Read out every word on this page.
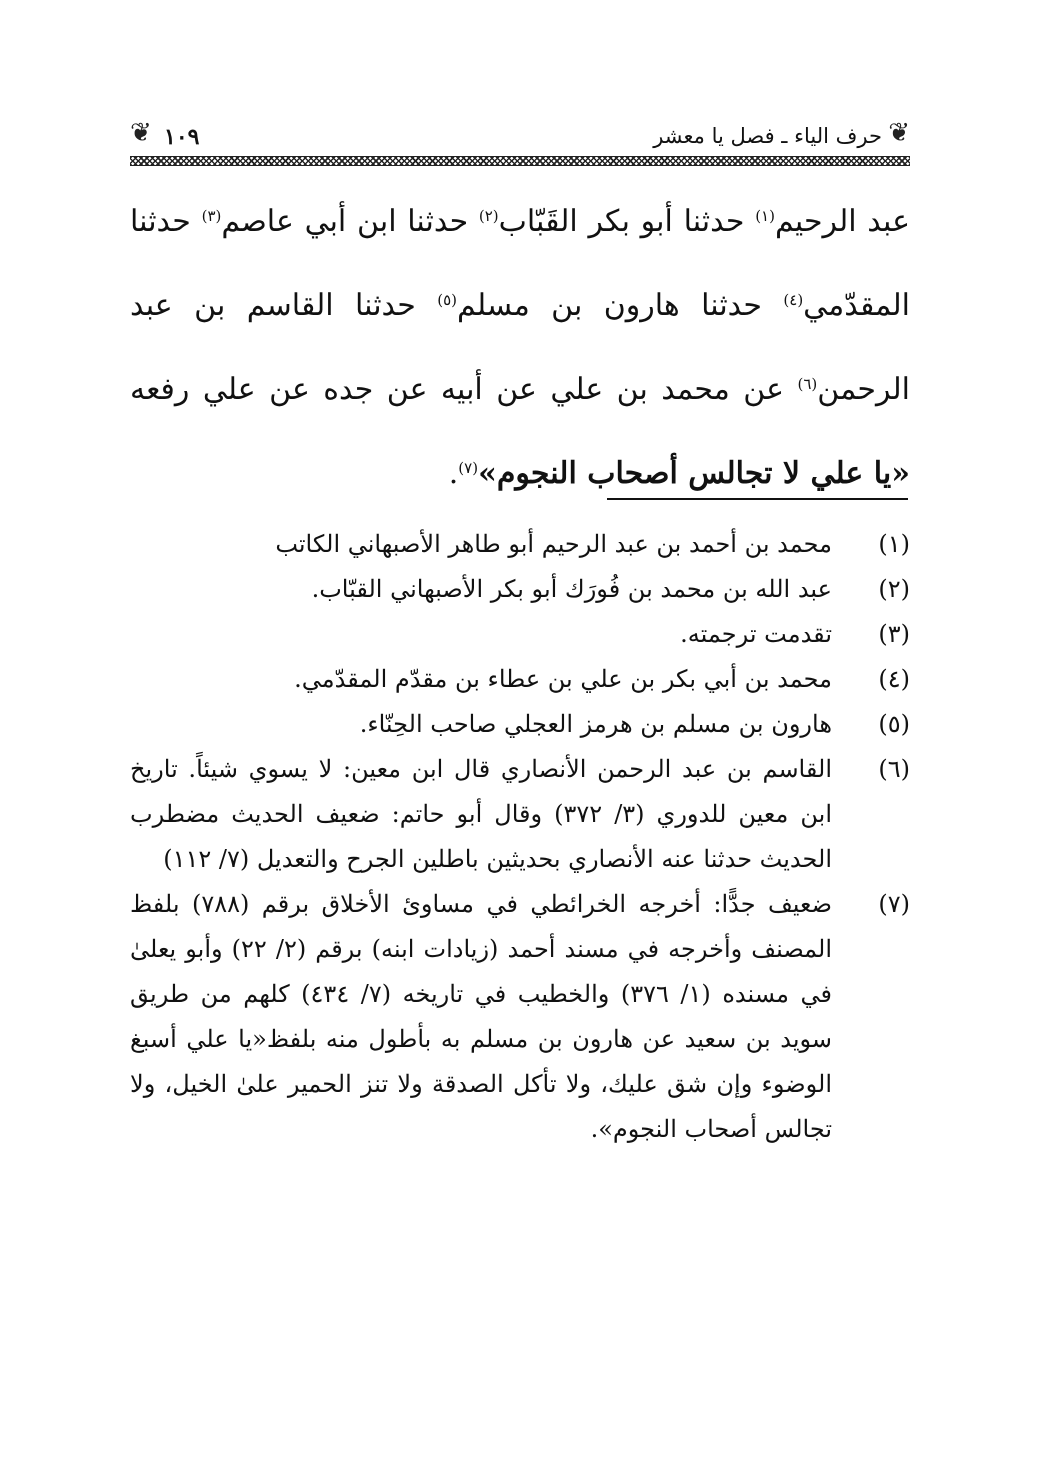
❦
حرف الياء ـ فصل يا معشر
١٠٩
❦

عبد الرحيم$^{(١)}$ حدثنا أبو بكر القَبّاب$^{(٢)}$ حدثنا ابن أبي عاصم$^{(٣)}$ حدثنا المقدّمي$^{(٤)}$ حدثنا هارون بن مسلم$^{(٥)}$ حدثنا القاسم بن عبد الرحمن$^{(٦)}$ عن محمد بن علي عن أبيه عن جده عن علي رفعه «يا علي لا تجالس أصحاب النجوم»$^{(٧)}$.

(١)
محمد بن أحمد بن عبد الرحيم أبو طاهر الأصبهاني الكاتب

(٢)
عبد الله بن محمد بن فُورَك أبو بكر الأصبهاني القبّاب.

(٣)
تقدمت ترجمته.

(٤)
محمد بن أبي بكر بن علي بن عطاء بن مقدّم المقدّمي.

(٥)
هارون بن مسلم بن هرمز العجلي صاحب الحِنّاء.

(٦)
القاسم بن عبد الرحمن الأنصاري قال ابن معين: لا يسوي شيئاً. تاريخ ابن معين للدوري (٣/ ٣٧٢) وقال أبو حاتم: ضعيف الحديث مضطرب الحديث حدثنا عنه الأنصاري بحديثين باطلين الجرح والتعديل (٧/ ١١٢)

(٧)
ضعيف جدًّا: أخرجه الخرائطي في مساوئ الأخلاق برقم (٧٨٨) بلفظ المصنف وأخرجه في مسند أحمد (زيادات ابنه) برقم (٢/ ٢٢) وأبو يعلىٰ في مسنده (١/ ٣٧٦) والخطيب في تاريخه (٧/ ٤٣٤) كلهم من طريق سويد بن سعيد عن هارون بن مسلم به بأطول منه بلفظ«يا علي أسبغ الوضوء وإن شق عليك، ولا تأكل الصدقة ولا تنز الحمير علىٰ الخيل، ولا تجالس أصحاب النجوم».
